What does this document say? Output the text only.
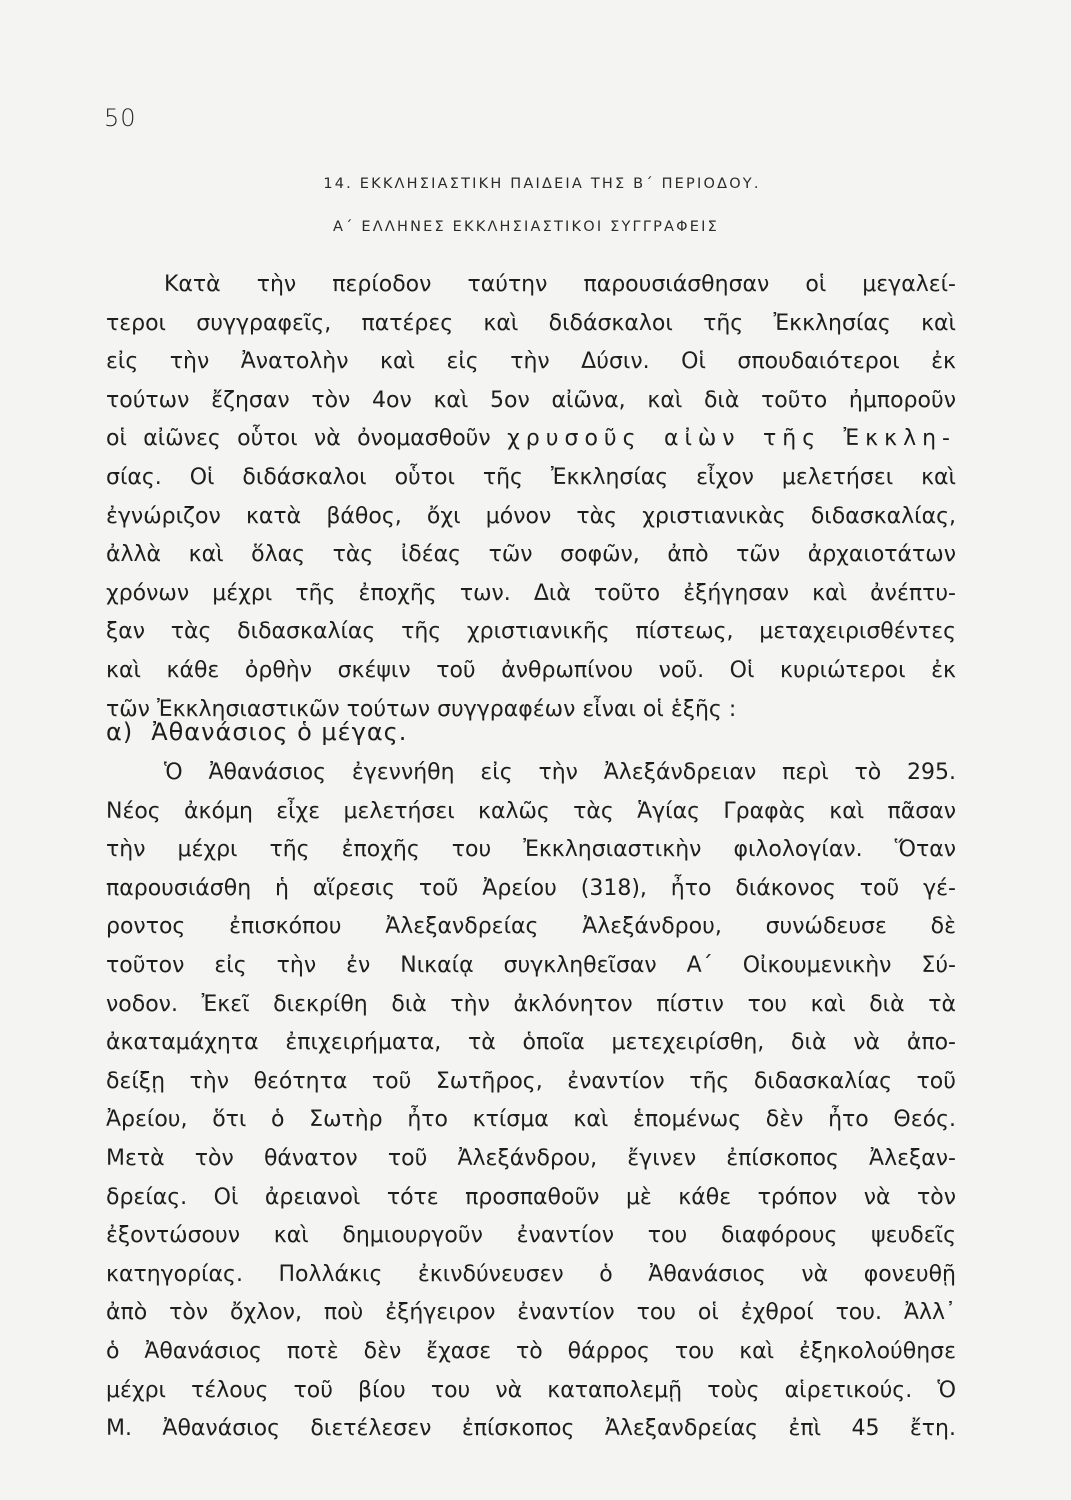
50
14. ΕΚΚΛΗΣΙΑΣΤΙΚΗ ΠΑΙΔΕΙΑ ΤΗΣ Β΄ ΠΕΡΙΟΔΟΥ.
Α΄ ΕΛΛΗΝΕΣ ΕΚΚΛΗΣΙΑΣΤΙΚΟΙ ΣΥΓΓΡΑΦΕΙΣ
Κατὰ τὴν περίοδον ταύτην παρουσιάσθησαν οἱ μεγαλεί-
τεροι συγγραφεῖς, πατέρες καὶ διδάσκαλοι τῆς Ἐκκλησίας καὶ
εἰς τὴν Ἀνατολὴν καὶ εἰς τὴν Δύσιν. Οἱ σπουδαιότεροι ἐκ
τούτων ἔζησαν τὸν 4ον καὶ 5ον αἰῶνα, καὶ διὰ τοῦτο ἠμποροῦν
οἱ αἰῶνες οὗτοι νὰ ὀνομασθοῦν χρυσοῦς αἰὼν τῆς Ἐκκλη-
σίας. Οἱ διδάσκαλοι οὗτοι τῆς Ἐκκλησίας εἶχον μελετήσει καὶ
ἐγνώριζον κατὰ βάθος, ὄχι μόνον τὰς χριστιανικὰς διδασκαλίας,
ἀλλὰ καὶ ὅλας τὰς ἰδέας τῶν σοφῶν, ἀπὸ τῶν ἀρχαιοτάτων
χρόνων μέχρι τῆς ἐποχῆς των. Διὰ τοῦτο ἐξήγησαν καὶ ἀνέπτυ-
ξαν τὰς διδασκαλίας τῆς χριστιανικῆς πίστεως, μεταχειρισθέντες
καὶ κάθε ὀρθὴν σκέψιν τοῦ ἀνθρωπίνου νοῦ. Οἱ κυριώτεροι ἐκ
τῶν Ἐκκλησιαστικῶν τούτων συγγραφέων εἶναι οἱ ἑξῆς :
α) Ἀθανάσιος ὁ μέγας.
Ὁ Ἀθανάσιος ἐγεννήθη εἰς τὴν Ἀλεξάνδρειαν περὶ τὸ 295.
Νέος ἀκόμη εἶχε μελετήσει καλῶς τὰς Ἁγίας Γραφὰς καὶ πᾶσαν
τὴν μέχρι τῆς ἐποχῆς του Ἐκκλησιαστικὴν φιλολογίαν. Ὅταν
παρουσιάσθη ἡ αἵρεσις τοῦ Ἀρείου (318), ἦτο διάκονος τοῦ γέ-
ροντος ἐπισκόπου Ἀλεξανδρείας Ἀλεξάνδρου, συνώδευσε δὲ
τοῦτον εἰς τὴν ἐν Νικαίᾳ συγκληθεῖσαν Α΄ Οἰκουμενικὴν Σύ-
νοδον. Ἐκεῖ διεκρίθη διὰ τὴν ἀκλόνητον πίστιν του καὶ διὰ τὰ
ἀκαταμάχητα ἐπιχειρήματα, τὰ ὁποῖα μετεχειρίσθη, διὰ νὰ ἀπο-
δείξῃ τὴν θεότητα τοῦ Σωτῆρος, ἐναντίον τῆς διδασκαλίας τοῦ
Ἀρείου, ὅτι ὁ Σωτὴρ ἦτο κτίσμα καὶ ἑπομένως δὲν ἦτο Θεός.
Μετὰ τὸν θάνατον τοῦ Ἀλεξάνδρου, ἔγινεν ἐπίσκοπος Ἀλεξαν-
δρείας. Οἱ ἀρειανοὶ τότε προσπαθοῦν μὲ κάθε τρόπον νὰ τὸν
ἐξοντώσουν καὶ δημιουργοῦν ἐναντίον του διαφόρους ψευδεῖς
κατηγορίας. Πολλάκις ἐκινδύνευσεν ὁ Ἀθανάσιος νὰ φονευθῇ
ἀπὸ τὸν ὄχλον, ποὺ ἐξήγειρον ἐναντίον του οἱ ἐχθροί του. Ἀλλ᾽
ὁ Ἀθανάσιος ποτὲ δὲν ἔχασε τὸ θάρρος του καὶ ἐξηκολούθησε
μέχρι τέλους τοῦ βίου του νὰ καταπολεμῇ τοὺς αἱρετικούς. Ὁ
Μ. Ἀθανάσιος διετέλεσεν ἐπίσκοπος Ἀλεξανδρείας ἐπὶ 45 ἔτη.
